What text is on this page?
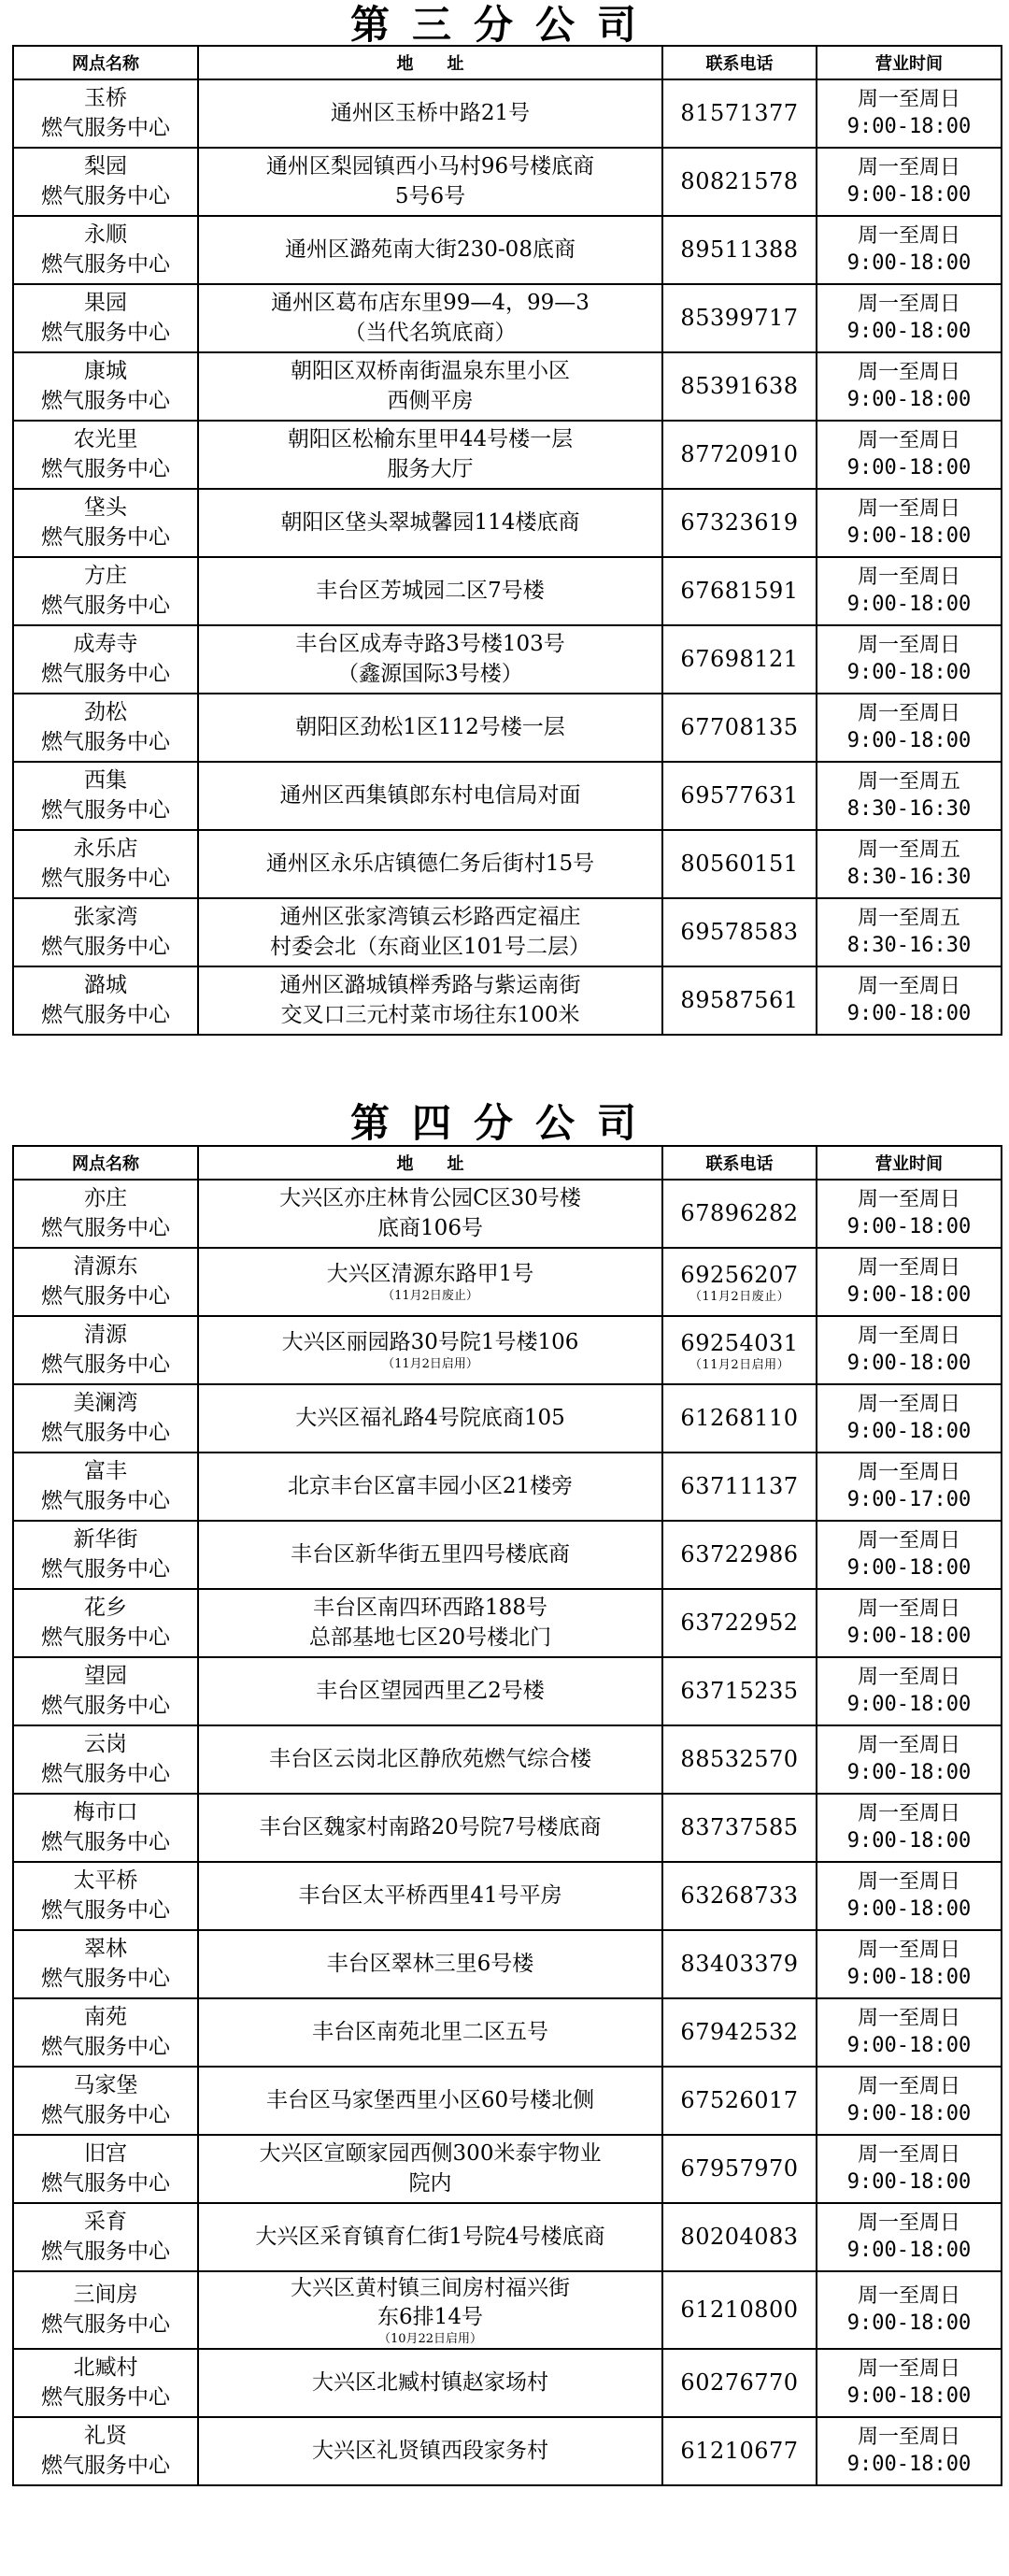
第三分公司
网点名称	地　　址	联系电话	营业时间

玉桥
燃气服务中心	通州区玉桥中路21号	81571377	周一至周日
9:00-18:00

梨园
燃气服务中心	通州区梨园镇西小马村96号楼底商
5号6号	80821578	周一至周日
9:00-18:00

永顺
燃气服务中心	通州区潞苑南大街230-08底商	89511388	周一至周日
9:00-18:00

果园
燃气服务中心	通州区葛布店东里99—4，99—3
（当代名筑底商）	85399717	周一至周日
9:00-18:00

康城
燃气服务中心	朝阳区双桥南街温泉东里小区
西侧平房	85391638	周一至周日
9:00-18:00

农光里
燃气服务中心	朝阳区松榆东里甲44号楼一层
服务大厅	87720910	周一至周日
9:00-18:00

垡头
燃气服务中心	朝阳区垡头翠城馨园114楼底商	67323619	周一至周日
9:00-18:00

方庄
燃气服务中心	丰台区芳城园二区7号楼	67681591	周一至周日
9:00-18:00

成寿寺
燃气服务中心	丰台区成寿寺路3号楼103号
（鑫源国际3号楼）	67698121	周一至周日
9:00-18:00

劲松
燃气服务中心	朝阳区劲松1区112号楼一层	67708135	周一至周日
9:00-18:00

西集
燃气服务中心	通州区西集镇郎东村电信局对面	69577631	周一至周五
8:30-16:30

永乐店
燃气服务中心	通州区永乐店镇德仁务后街村15号	80560151	周一至周五
8:30-16:30

张家湾
燃气服务中心	通州区张家湾镇云杉路西定福庄
村委会北（东商业区101号二层）	69578583	周一至周五
8:30-16:30

潞城
燃气服务中心	通州区潞城镇榉秀路与紫运南街
交叉口三元村菜市场往东100米	89587561	周一至周日
9:00-18:00
第四分公司
网点名称	地　　址	联系电话	营业时间

亦庄
燃气服务中心	大兴区亦庄林肯公园C区30号楼
底商106号	67896282	周一至周日
9:00-18:00

清源东
燃气服务中心	大兴区清源东路甲1号
（11月2日废止）	69256207
（11月2日废止）	周一至周日
9:00-18:00

清源
燃气服务中心	大兴区丽园路30号院1号楼106
（11月2日启用）	69254031
（11月2日启用）	周一至周日
9:00-18:00

美澜湾
燃气服务中心	大兴区福礼路4号院底商105	61268110	周一至周日
9:00-18:00

富丰
燃气服务中心	北京丰台区富丰园小区21楼旁	63711137	周一至周日
9:00-17:00

新华街
燃气服务中心	丰台区新华街五里四号楼底商	63722986	周一至周日
9:00-18:00

花乡
燃气服务中心	丰台区南四环西路188号
总部基地七区20号楼北门	63722952	周一至周日
9:00-18:00

望园
燃气服务中心	丰台区望园西里乙2号楼	63715235	周一至周日
9:00-18:00

云岗
燃气服务中心	丰台区云岗北区静欣苑燃气综合楼	88532570	周一至周日
9:00-18:00

梅市口
燃气服务中心	丰台区魏家村南路20号院7号楼底商	83737585	周一至周日
9:00-18:00

太平桥
燃气服务中心	丰台区太平桥西里41号平房	63268733	周一至周日
9:00-18:00

翠林
燃气服务中心	丰台区翠林三里6号楼	83403379	周一至周日
9:00-18:00

南苑
燃气服务中心	丰台区南苑北里二区五号	67942532	周一至周日
9:00-18:00

马家堡
燃气服务中心	丰台区马家堡西里小区60号楼北侧	67526017	周一至周日
9:00-18:00

旧宫
燃气服务中心	大兴区宣颐家园西侧300米泰宇物业
院内	67957970	周一至周日
9:00-18:00

采育
燃气服务中心	大兴区采育镇育仁街1号院4号楼底商	80204083	周一至周日
9:00-18:00

三间房
燃气服务中心	大兴区黄村镇三间房村福兴街
东6排14号
（10月22日启用）	61210800	周一至周日
9:00-18:00

北臧村
燃气服务中心	大兴区北臧村镇赵家场村	60276770	周一至周日
9:00-18:00

礼贤
燃气服务中心	大兴区礼贤镇西段家务村	61210677	周一至周日
9:00-18:00
